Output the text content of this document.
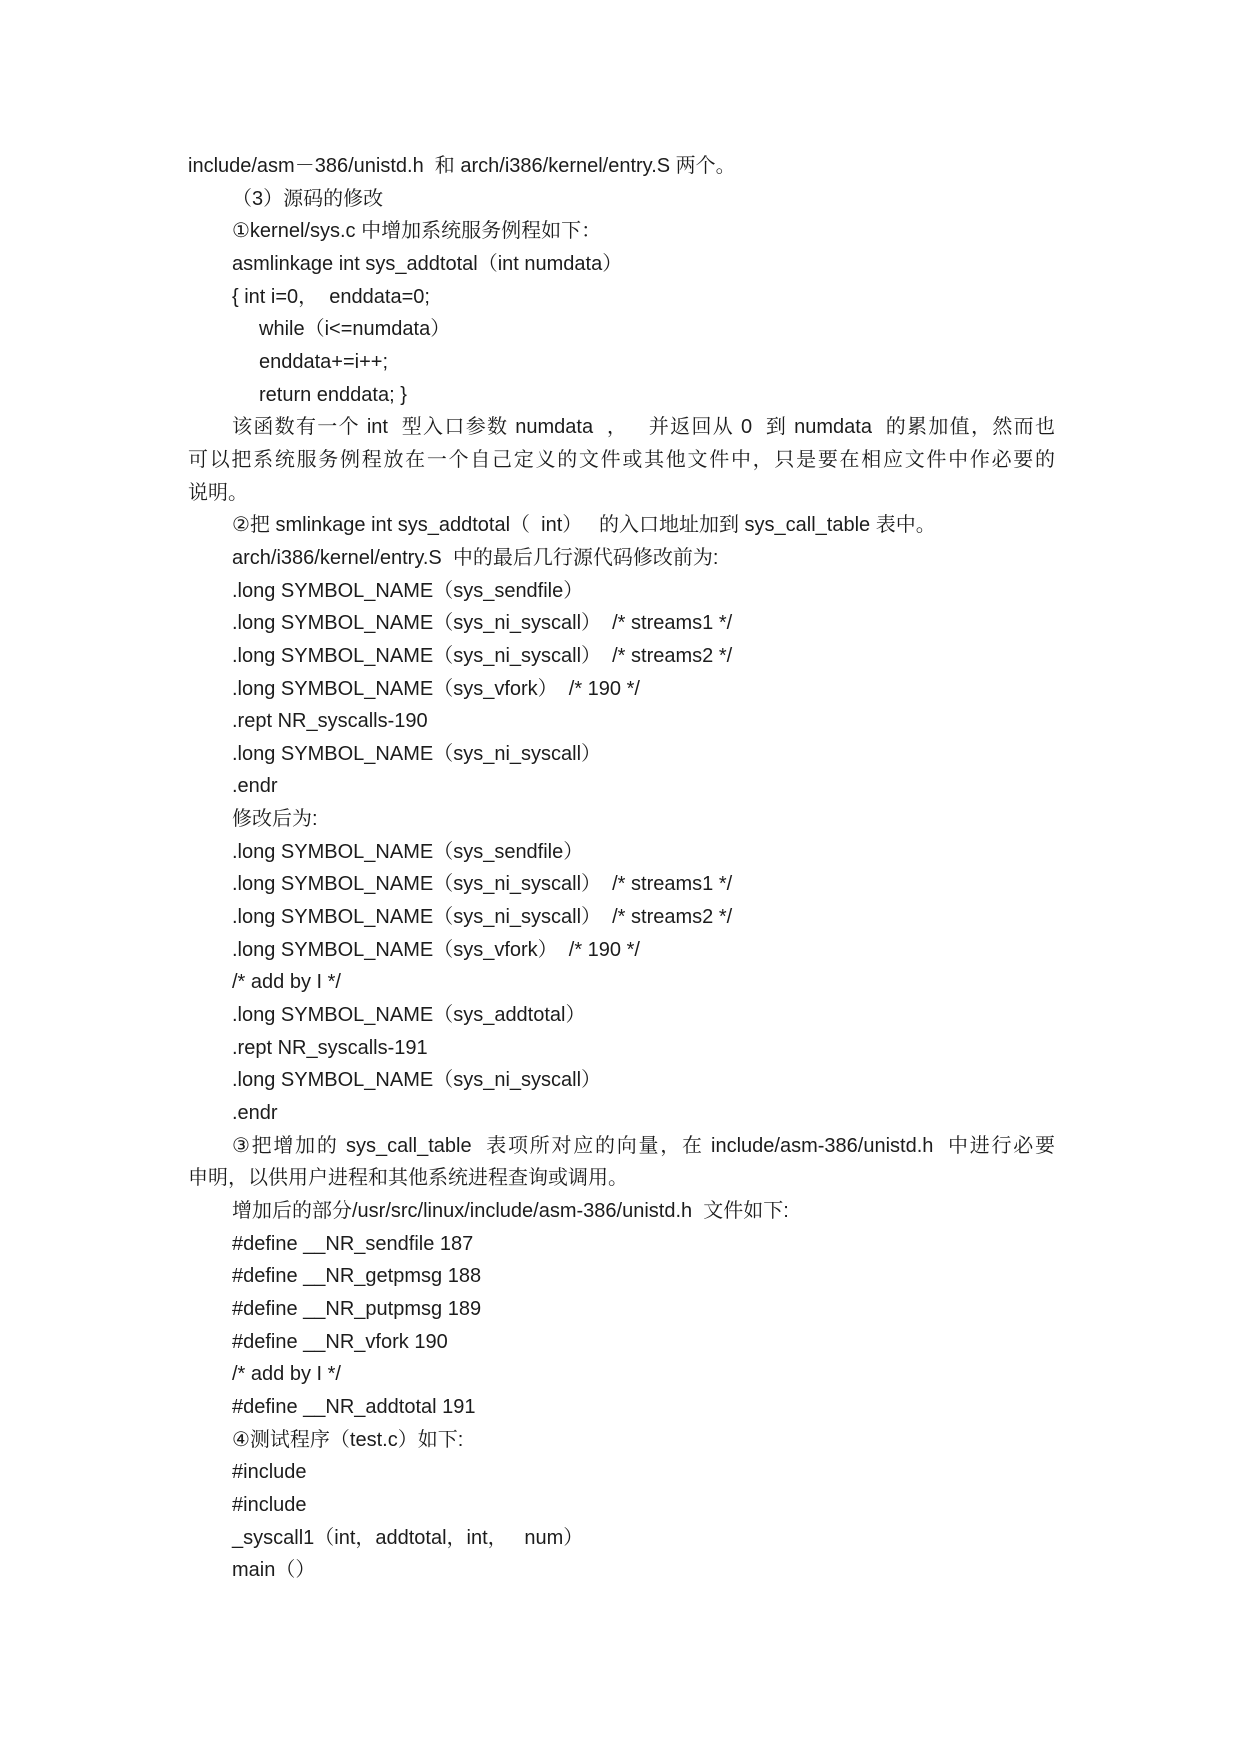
include/asm－386/unistd.h  和 arch/i386/kernel/entry.S 两个。
（3）源码的修改
①kernel/sys.c 中增加系统服务例程如下：
asmlinkage int sys_addtotal（int numdata）
{ int i=0，  enddata=0;
while（i<=numdata）
enddata+=i++;
return enddata; }
该函数有一个 int  型入口参数 numdata  ，   并返回从 0  到 numdata  的累加值，然而也
可以把系统服务例程放在一个自己定义的文件或其他文件中，只是要在相应文件中作必要的
说明。
②把 smlinkage int sys_addtotal（  int）   的入口地址加到 sys_call_table 表中。
arch/i386/kernel/entry.S  中的最后几行源代码修改前为:
.long SYMBOL_NAME（sys_sendfile）
.long SYMBOL_NAME（sys_ni_syscall）  /* streams1 */
.long SYMBOL_NAME（sys_ni_syscall）  /* streams2 */
.long SYMBOL_NAME（sys_vfork）  /* 190 */
.rept NR_syscalls-190
.long SYMBOL_NAME（sys_ni_syscall）
.endr
修改后为:
.long SYMBOL_NAME（sys_sendfile）
.long SYMBOL_NAME（sys_ni_syscall）  /* streams1 */
.long SYMBOL_NAME（sys_ni_syscall）  /* streams2 */
.long SYMBOL_NAME（sys_vfork）  /* 190 */
/* add by I */
.long SYMBOL_NAME（sys_addtotal）
.rept NR_syscalls-191
.long SYMBOL_NAME（sys_ni_syscall）
.endr
③把增加的 sys_call_table  表项所对应的向量，在 include/asm-386/unistd.h  中进行必要
申明，以供用户进程和其他系统进程查询或调用。
增加后的部分/usr/src/linux/include/asm-386/unistd.h  文件如下:
#define __NR_sendfile 187
#define __NR_getpmsg 188
#define __NR_putpmsg 189
#define __NR_vfork 190
/* add by I */
#define __NR_addtotal 191
④测试程序（test.c）如下:
#include
#include
_syscall1（int，addtotal，int，   num）
main（）
